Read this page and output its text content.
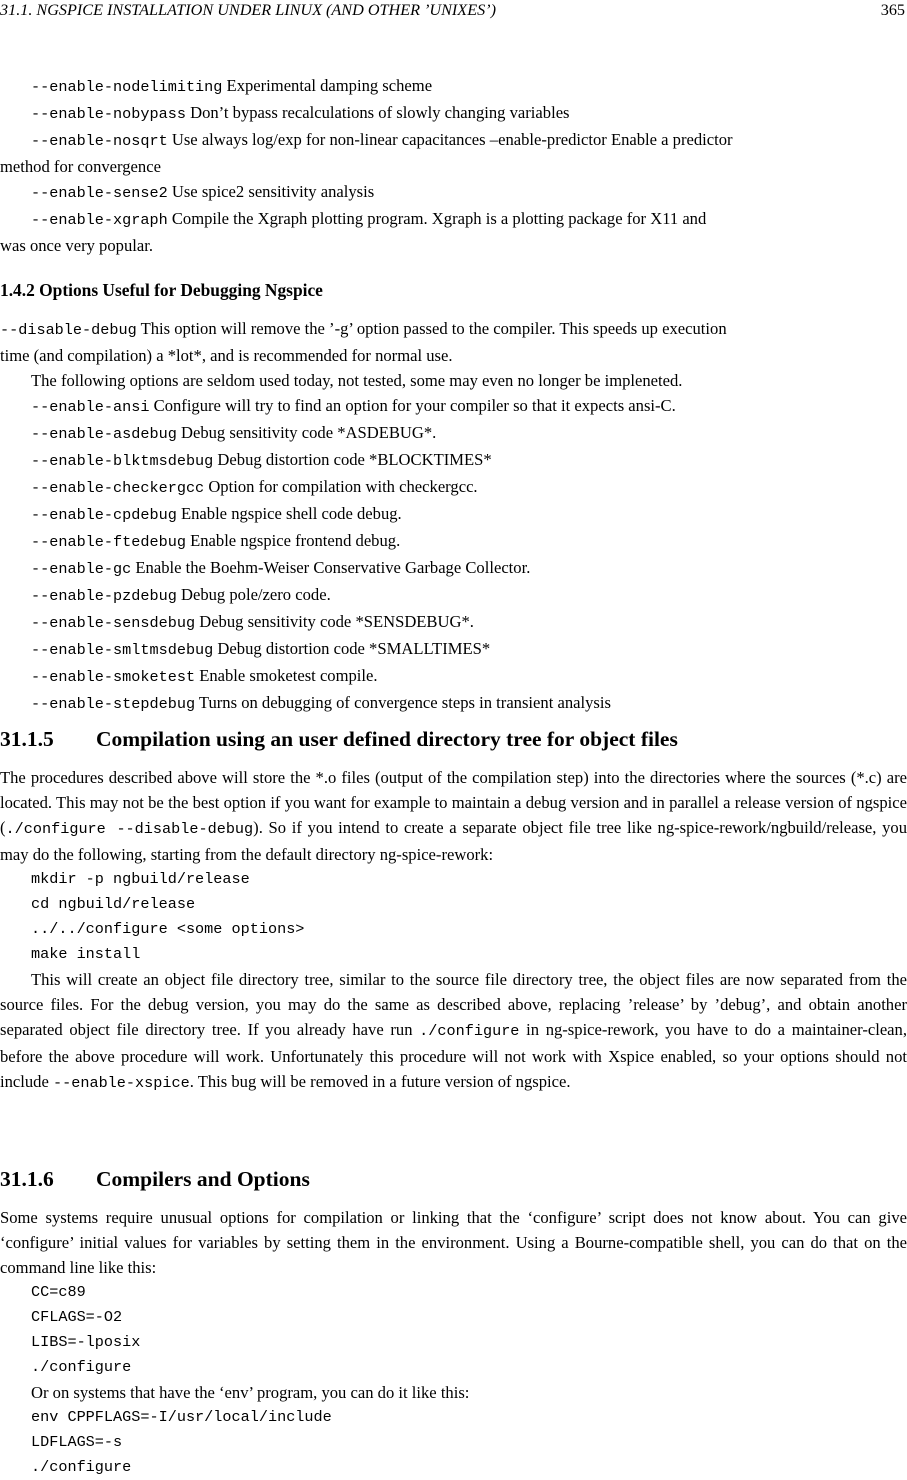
31.1. NGSPICE INSTALLATION UNDER LINUX (AND OTHER ’UNIXES’)	365

--enable-nodelimiting Experimental damping scheme

--enable-nobypass Don’t bypass recalculations of slowly changing variables

--enable-nosqrt Use always log/exp for non-linear capacitances –enable-predictor Enable a predictor

method for convergence

--enable-sense2 Use spice2 sensitivity analysis

--enable-xgraph Compile the Xgraph plotting program. Xgraph is a plotting package for X11 and

was once very popular.

1.4.2 Options Useful for Debugging Ngspice

--disable-debug This option will remove the ’-g’ option passed to the compiler. This speeds up execution

time (and compilation) a *lot*, and is recommended for normal use.

The following options are seldom used today, not tested, some may even no longer be impleneted.

--enable-ansi Configure will try to find an option for your compiler so that it expects ansi-C.

--enable-asdebug Debug sensitivity code *ASDEBUG*.

--enable-blktmsdebug Debug distortion code *BLOCKTIMES*

--enable-checkergcc Option for compilation with checkergcc.

--enable-cpdebug Enable ngspice shell code debug.

--enable-ftedebug Enable ngspice frontend debug.

--enable-gc Enable the Boehm-Weiser Conservative Garbage Collector.

--enable-pzdebug Debug pole/zero code.

--enable-sensdebug Debug sensitivity code *SENSDEBUG*.

--enable-smltmsdebug Debug distortion code *SMALLTIMES*

--enable-smoketest Enable smoketest compile.

--enable-stepdebug Turns on debugging of convergence steps in transient analysis

31.1.5 Compilation using an user defined directory tree for object files

The procedures described above will store the *.o files (output of the compilation step) into the directories where the sources (*.c) are located. This may not be the best option if you want for example to maintain a debug version and in parallel a release version of ngspice (./configure --disable-debug). So if you intend to create a separate object file tree like ng-spice-rework/ngbuild/release, you may do the following, starting from the default directory ng-spice-rework:

mkdir -p ngbuild/release

cd ngbuild/release

../../configure <some options>

make install

This will create an object file directory tree, similar to the source file directory tree, the object files are now separated from the source files. For the debug version, you may do the same as described above, replacing ’release’ by ’debug’, and obtain another separated object file directory tree. If you already have run ./configure in ng-spice-rework, you have to do a maintainer-clean, before the above procedure will work. Unfortunately this procedure will not work with Xspice enabled, so your options should not include --enable-xspice. This bug will be removed in a future version of ngspice.

31.1.6 Compilers and Options

Some systems require unusual options for compilation or linking that the ‘configure’ script does not know about. You can give ‘configure’ initial values for variables by setting them in the environment. Using a Bourne-compatible shell, you can do that on the command line like this:

CC=c89

CFLAGS=-O2

LIBS=-lposix

./configure

Or on systems that have the ‘env’ program, you can do it like this:

env CPPFLAGS=-I/usr/local/include

LDFLAGS=-s

./configure
